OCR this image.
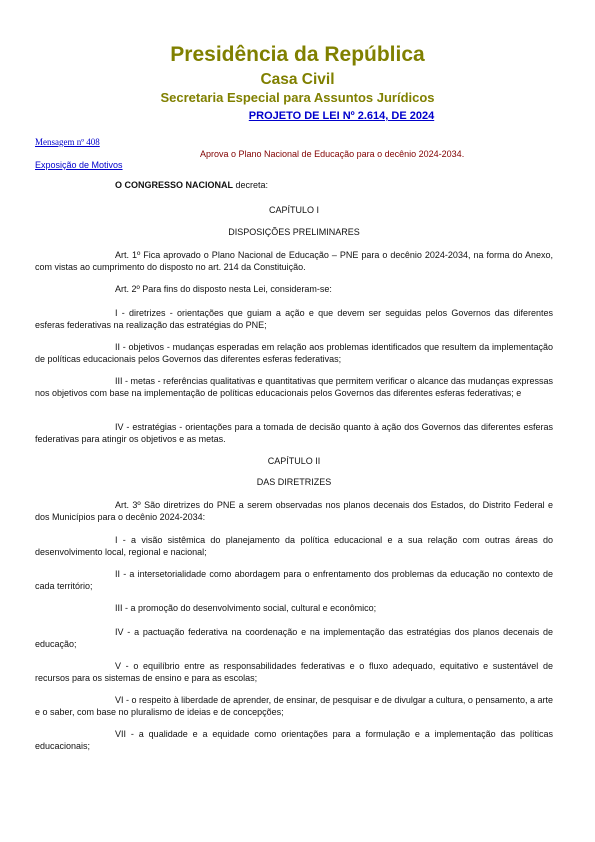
Presidência da República
Casa Civil
Secretaria Especial para Assuntos Jurídicos
PROJETO DE LEI Nº 2.614, DE 2024
Mensagem nº 408
Aprova o Plano Nacional de Educação para o decênio 2024-2034.
Exposição de Motivos
O CONGRESSO NACIONAL decreta:
CAPÍTULO I
DISPOSIÇÕES PRELIMINARES
Art. 1º Fica aprovado o Plano Nacional de Educação – PNE para o decênio 2024-2034, na forma do Anexo, com vistas ao cumprimento do disposto no art. 214 da Constituição.
Art. 2º Para fins do disposto nesta Lei, consideram-se:
I - diretrizes - orientações que guiam a ação e que devem ser seguidas pelos Governos das diferentes esferas federativas na realização das estratégias do PNE;
II - objetivos - mudanças esperadas em relação aos problemas identificados que resultem da implementação de políticas educacionais pelos Governos das diferentes esferas federativas;
III - metas - referências qualitativas e quantitativas que permitem verificar o alcance das mudanças expressas nos objetivos com base na implementação de políticas educacionais pelos Governos das diferentes esferas federativas; e
IV - estratégias - orientações para a tomada de decisão quanto à ação dos Governos das diferentes esferas federativas para atingir os objetivos e as metas.
CAPÍTULO II
DAS DIRETRIZES
Art. 3º São diretrizes do PNE a serem observadas nos planos decenais dos Estados, do Distrito Federal e dos Municípios para o decênio 2024-2034:
I - a visão sistêmica do planejamento da política educacional e a sua relação com outras áreas do desenvolvimento local, regional e nacional;
II - a intersetorialidade como abordagem para o enfrentamento dos problemas da educação no contexto de cada território;
III - a promoção do desenvolvimento social, cultural e econômico;
IV - a pactuação federativa na coordenação e na implementação das estratégias dos planos decenais de educação;
V - o equilíbrio entre as responsabilidades federativas e o fluxo adequado, equitativo e sustentável de recursos para os sistemas de ensino e para as escolas;
VI - o respeito à liberdade de aprender, de ensinar, de pesquisar e de divulgar a cultura, o pensamento, a arte e o saber, com base no pluralismo de ideias e de concepções;
VII - a qualidade e a equidade como orientações para a formulação e a implementação das políticas educacionais;
